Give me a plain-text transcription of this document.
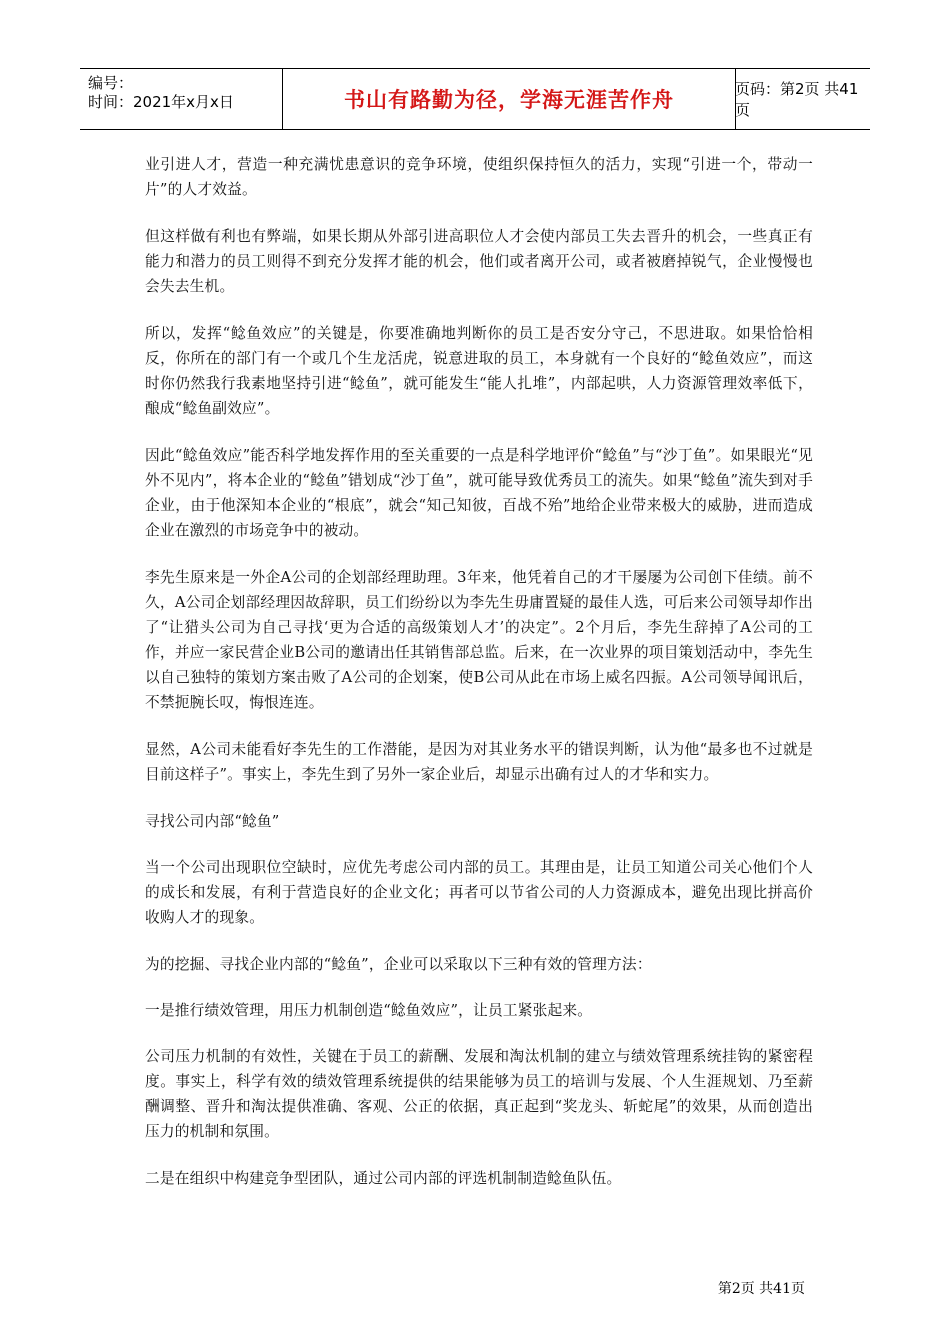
编号：
时间：2021年x月x日	书山有路勤为径，学海无涯苦作舟	页码：第2页 共41页

业引进人才，营造一种充满忧患意识的竞争环境，使组织保持恒久的活力，实现“引进一个，带动一片”的人才效益。

但这样做有利也有弊端，如果长期从外部引进高职位人才会使内部员工失去晋升的机会，一些真正有能力和潜力的员工则得不到充分发挥才能的机会，他们或者离开公司，或者被磨掉锐气，企业慢慢也会失去生机。

所以，发挥“鲶鱼效应”的关键是，你要准确地判断你的员工是否安分守己，不思进取。如果恰恰相反，你所在的部门有一个或几个生龙活虎，锐意进取的员工，本身就有一个良好的“鲶鱼效应”，而这时你仍然我行我素地坚持引进“鲶鱼”，就可能发生“能人扎堆”，内部起哄，人力资源管理效率低下，酿成“鲶鱼副效应”。

因此“鲶鱼效应”能否科学地发挥作用的至关重要的一点是科学地评价“鲶鱼”与“沙丁鱼”。如果眼光“见外不见内”，将本企业的“鲶鱼”错划成“沙丁鱼”，就可能导致优秀员工的流失。如果“鲶鱼”流失到对手企业，由于他深知本企业的“根底”，就会“知己知彼，百战不殆”地给企业带来极大的威胁，进而造成企业在激烈的市场竞争中的被动。

李先生原来是一外企A公司的企划部经理助理。3年来，他凭着自己的才干屡屡为公司创下佳绩。前不久，A公司企划部经理因故辞职，员工们纷纷以为李先生毋庸置疑的最佳人选，可后来公司领导却作出了“让猎头公司为自己寻找‘更为合适的高级策划人才’的决定”。2个月后，李先生辞掉了A公司的工作，并应一家民营企业B公司的邀请出任其销售部总监。后来，在一次业界的项目策划活动中，李先生以自己独特的策划方案击败了A公司的企划案，使B公司从此在市场上威名四振。A公司领导闻讯后，不禁扼腕长叹，悔恨连连。

显然，A公司未能看好李先生的工作潜能，是因为对其业务水平的错误判断，认为他“最多也不过就是目前这样子”。事实上，李先生到了另外一家企业后，却显示出确有过人的才华和实力。

寻找公司内部“鲶鱼”

当一个公司出现职位空缺时，应优先考虑公司内部的员工。其理由是，让员工知道公司关心他们个人的成长和发展，有利于营造良好的企业文化；再者可以节省公司的人力资源成本，避免出现比拼高价收购人才的现象。

为的挖掘、寻找企业内部的“鲶鱼”，企业可以采取以下三种有效的管理方法：

一是推行绩效管理，用压力机制创造“鲶鱼效应”，让员工紧张起来。

公司压力机制的有效性，关键在于员工的薪酬、发展和淘汰机制的建立与绩效管理系统挂钩的紧密程度。事实上，科学有效的绩效管理系统提供的结果能够为员工的培训与发展、个人生涯规划、乃至薪酬调整、晋升和淘汰提供准确、客观、公正的依据，真正起到“奖龙头、斩蛇尾”的效果，从而创造出压力的机制和氛围。

二是在组织中构建竞争型团队，通过公司内部的评选机制制造鲶鱼队伍。

第2页 共41页
